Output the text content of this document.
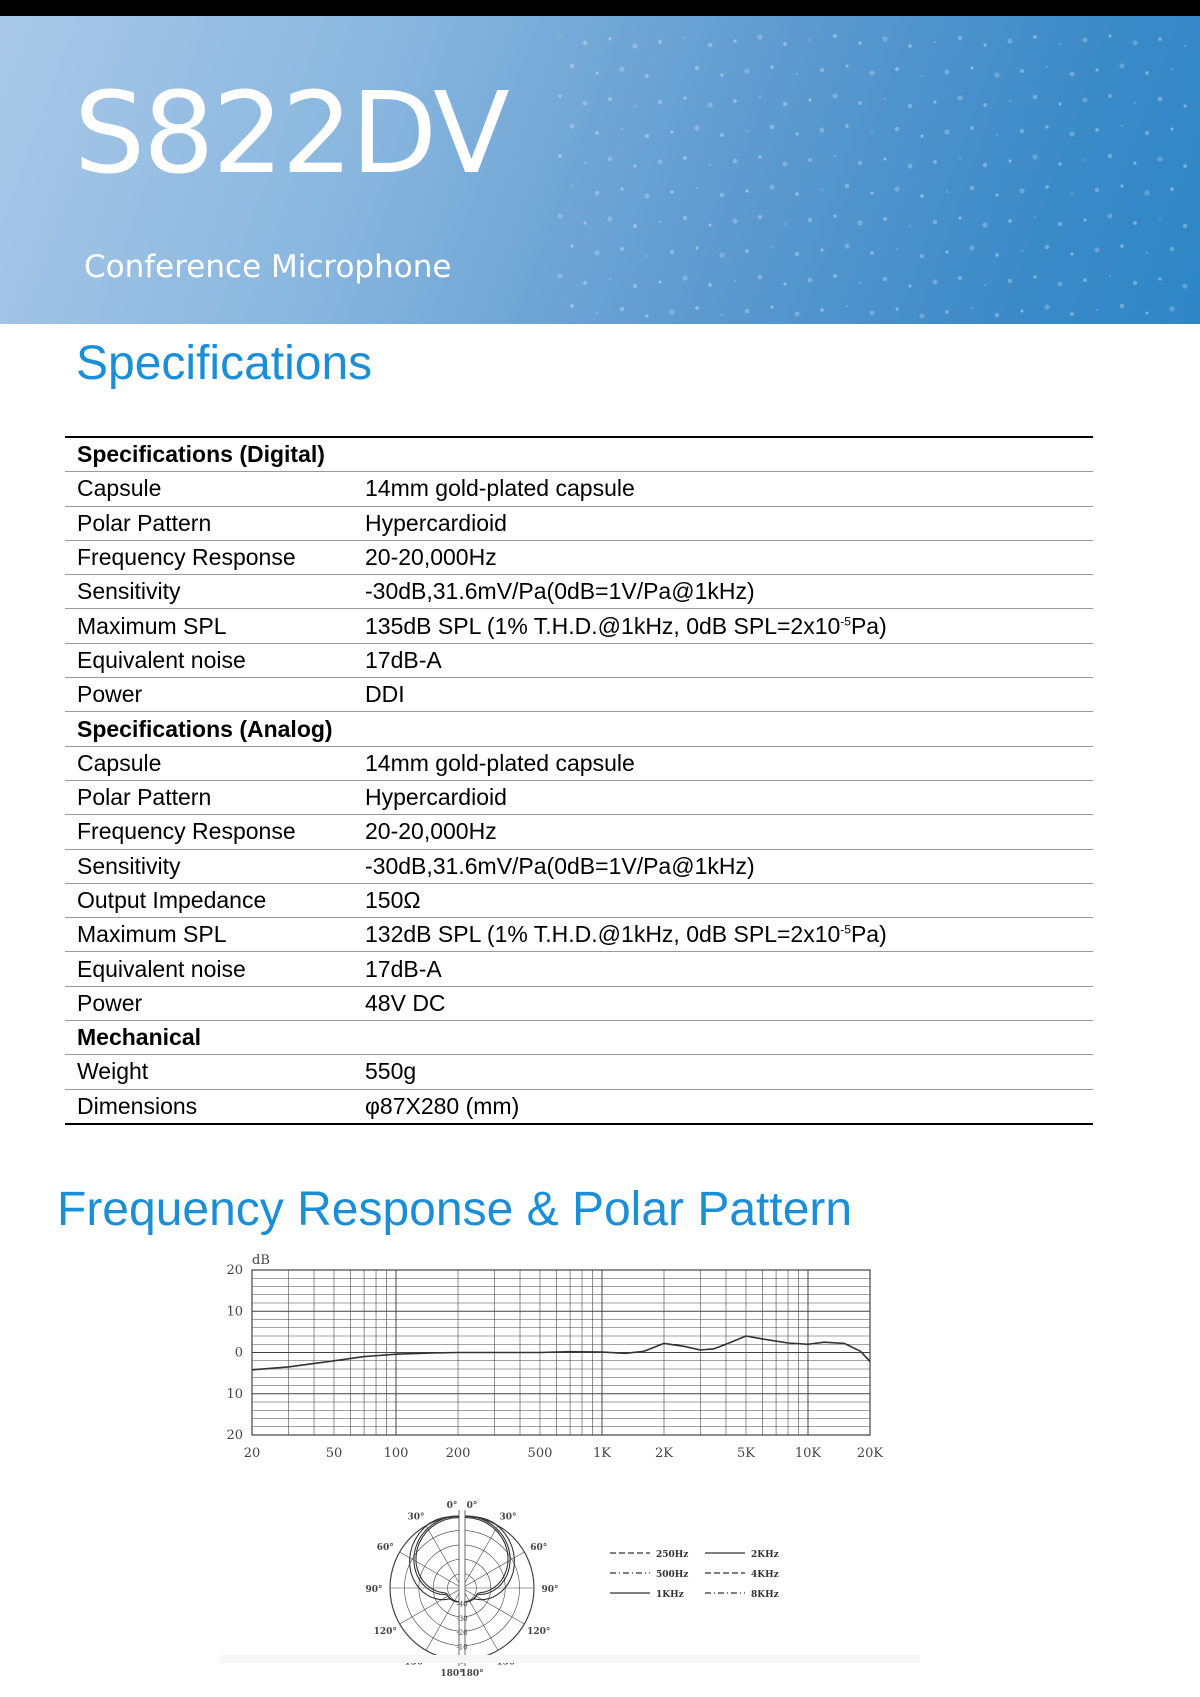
S822DV

Conference Microphone

Specifications
Specifications (Digital)	
Capsule	14mm gold-plated capsule
Polar Pattern	Hypercardioid
Frequency Response	20-20,000Hz
Sensitivity	-30dB,31.6mV/Pa(0dB=1V/Pa@1kHz)
Maximum SPL	135dB SPL (1% T.H.D.@1kHz, 0dB $SPL=2x10^{-5}Pa$)
Equivalent noise	17dB-A
Power	DDI
Specifications (Analog)	
Capsule	14mm gold-plated capsule
Polar Pattern	Hypercardioid
Frequency Response	20-20,000Hz
Sensitivity	-30dB,31.6mV/Pa(0dB=1V/Pa@1kHz)
Output Impedance	150Ω
Maximum SPL	132dB SPL (1% T.H.D.@1kHz, 0dB $SPL=2x10^{-5}Pa$)
Equivalent noise	17dB-A
Power	48V DC
Mechanical	
Weight	550g
Dimensions	φ87X280 (mm)
Frequency Response & Polar Pattern
20
10
0
10
20
dB
20	50	100	200	500	1K	2K	5K	10K	20K
0° 0°
30°	30°
60°	60°
90°	90°
120°	120°
180°
180°
-10
-20
-30
-40
250Hz
500Hz
1KHz
2KHz
4KHz
8KHz
